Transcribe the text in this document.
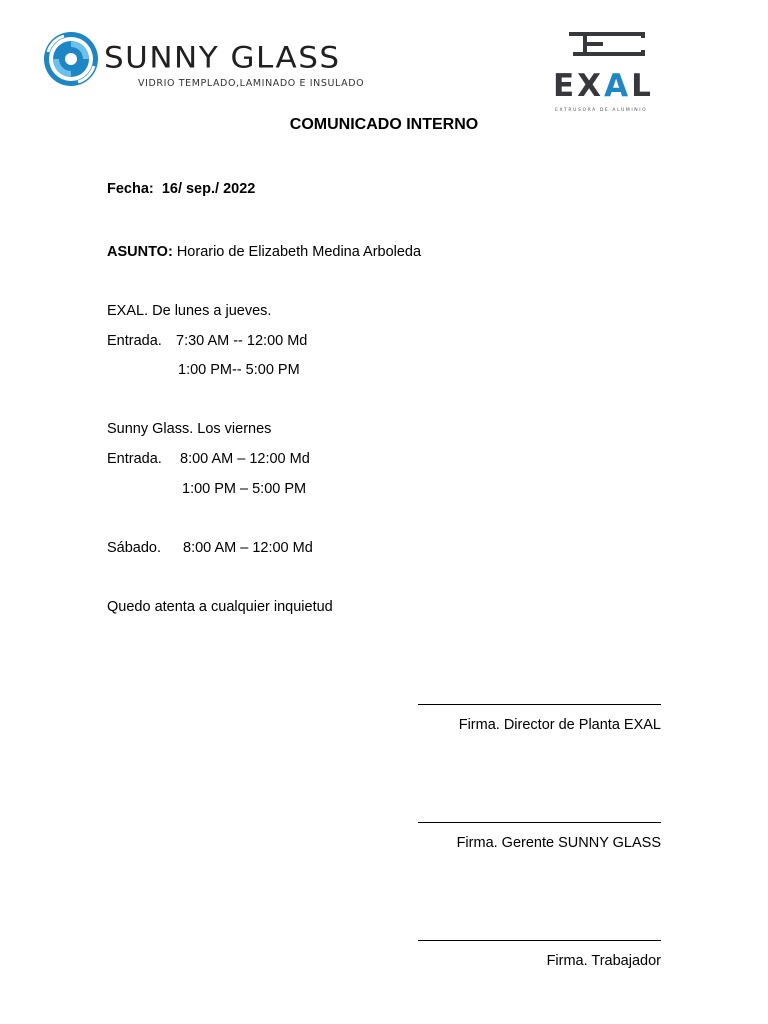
SUNNY GLASS
VIDRIO TEMPLADO,LAMINADO E INSULADO	EXAL
EXTRUSORA DE ALUMINIO
COMUNICADO INTERNO
Fecha: 16/ sep./ 2022
ASUNTO: Horario de Elizabeth Medina Arboleda
EXAL. De lunes a jueves.
Entrada. 7:30 AM -- 12:00 Md
1:00 PM-- 5:00 PM
Sunny Glass. Los viernes
Entrada. 8:00 AM – 12:00 Md
1:00 PM – 5:00 PM
Sábado. 8:00 AM – 12:00 Md
Quedo atenta a cualquier inquietud
Firma. Director de Planta EXAL
Firma. Gerente SUNNY GLASS
Firma. Trabajador
